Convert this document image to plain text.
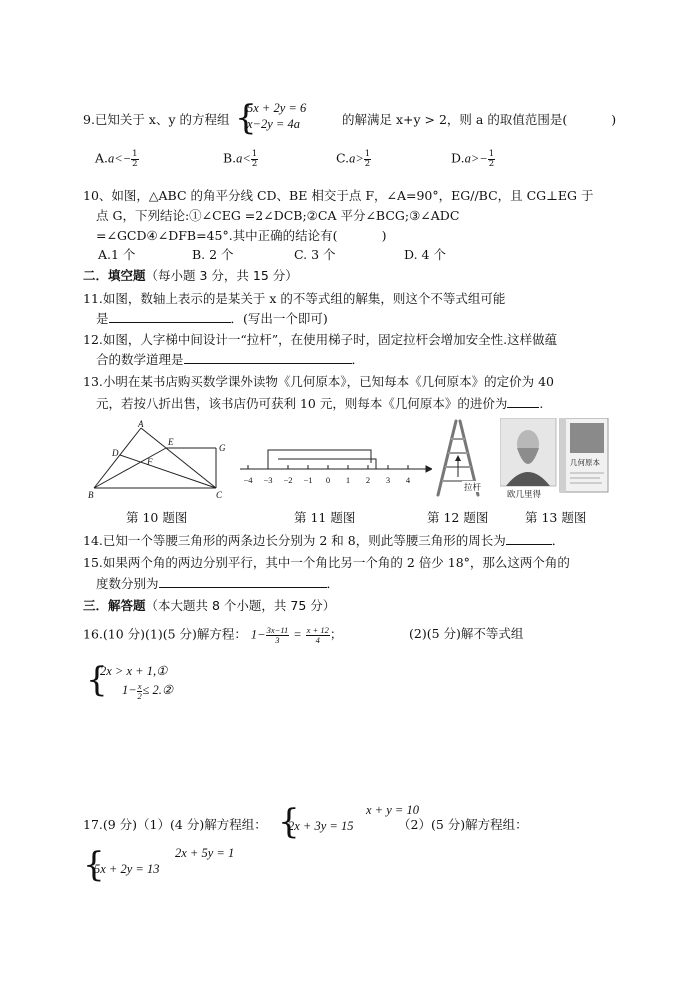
9.已知关于 x、y 的方程组 {
5x + 2y = 6
x−2y = 4a	的解满足 x+y > 2，则 a 的取值范围是(	)
$A.a<- \frac{1}{2}$	$B.a< \frac{1}{2}$	$C.a> \frac{1}{2}$	$D.a>- \frac{1}{2}$
10、如图，△ABC 的角平分线 CD、BE 相交于点 F，∠A=90°，EG//BC，且 CG⊥EG 于
点 G，下列结论:①∠CEG =2∠DCB;②CA 平分∠BCG;③∠ADC
=∠GCD④∠DFB=45°.其中正确的结论有(	)
A.1 个	B. 2 个	C. 3 个	D. 4 个
二．填空题（每小题 3 分，共 15 分）
11.如图，数轴上表示的是某关于 x 的不等式组的解集，则这个不等式组可能
是	．(写出一个即可)
12.如图，人字梯中间设计一“拉杆”，在使用梯子时，固定拉杆会增加安全性.这样做蕴
合的数学道理是	．
13.小明在某书店购买数学课外读物《几何原本》，已知每本《几何原本》的定价为 40
元，若按八折出售，该书店仍可获利 10 元，则每本《几何原本》的进价为	.
A
B	C
D
E
F
G
−4 −3 −2 −1 0 1 2 3 4
拉杆
欧几里得
几何原本
第 10 题图	第 11 题图	第 12 题图	第 13 题图
14.已知一个等腰三角形的两条边长分别为 2 和 8，则此等腰三角形的周长为	．
15.如果两个角的两边分别平行，其中一个角比另一个角的 2 倍少 18°，那么这两个角的
度数分别为	．
三．解答题（本大题共 8 个小题，共 75 分）
16.(10 分)(1)(5 分)解方程： $1- \frac{3x-11}{3} = \frac{x + 12}{4}$ ；	(2)(5 分)解不等式组
{
2x > x + 1,①
$1- \frac{x}{2}$ ≤ 2.②
17.(9 分)（1）(4 分)解方程组： {	x + y = 10
2x + 3y = 15	（2）(5 分)解方程组：
{	2x + 5y = 1
5x + 2y = 13
